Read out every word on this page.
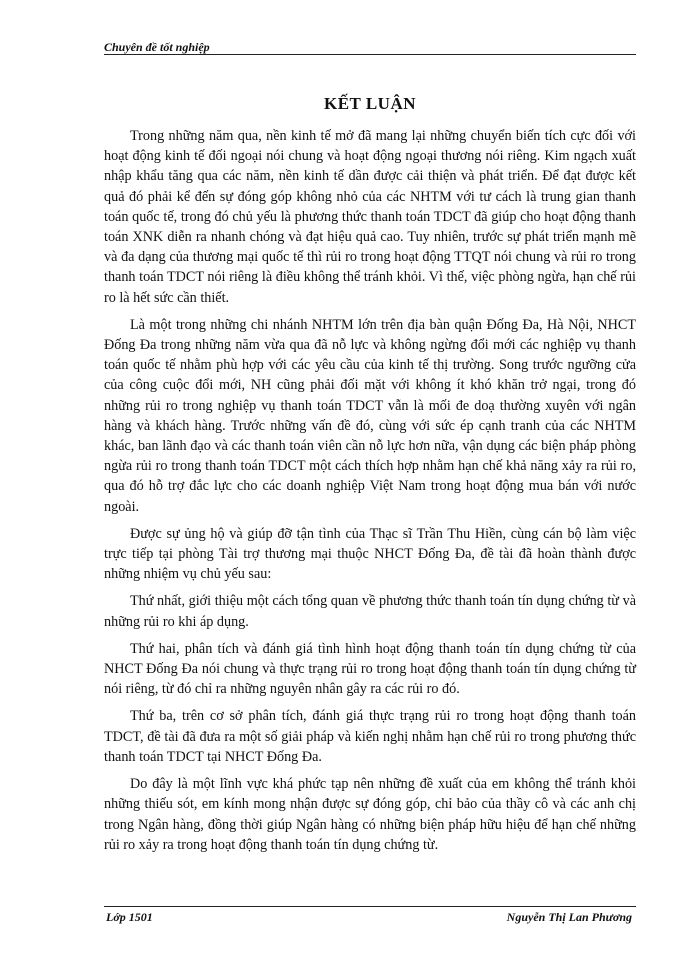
Chuyên đề tốt nghiệp
KẾT LUẬN

Trong những năm qua, nền kinh tế mở đã mang lại những chuyển biến tích cực đối với hoạt động kinh tế đối ngoại nói chung và hoạt động ngoại thương nói riêng. Kim ngạch xuất nhập khẩu tăng qua các năm, nền kinh tế dần được cải thiện và phát triển. Để đạt được kết quả đó phải kể đến sự đóng góp không nhỏ của các NHTM với tư cách là trung gian thanh toán quốc tế, trong đó chủ yếu là phương thức thanh toán TDCT đã giúp cho hoạt động thanh toán XNK diễn ra nhanh chóng và đạt hiệu quả cao. Tuy nhiên, trước sự phát triển mạnh mẽ và đa dạng của thương mại quốc tế thì rủi ro trong hoạt động TTQT nói chung và rủi ro trong thanh toán TDCT nói riêng là điều không thể tránh khỏi. Vì thế, việc phòng ngừa, hạn chế rủi ro là hết sức cần thiết.

Là một trong những chi nhánh NHTM lớn trên địa bàn quận Đống Đa, Hà Nội, NHCT Đống Đa trong những năm vừa qua đã nỗ lực và không ngừng đổi mới các nghiệp vụ thanh toán quốc tế nhằm phù hợp với các yêu cầu của kinh tế thị trường. Song trước ngưỡng cửa của công cuộc đổi mới, NH cũng phải đối mặt với không ít khó khăn trở ngại, trong đó những rủi ro trong nghiệp vụ thanh toán TDCT vẫn là mối đe doạ thường xuyên với ngân hàng và khách hàng. Trước những vấn đề đó, cùng với sức ép cạnh tranh của các NHTM khác, ban lãnh đạo và các thanh toán viên cần nỗ lực hơn nữa, vận dụng các biện pháp phòng ngừa rủi ro trong thanh toán TDCT một cách thích hợp nhằm hạn chế khả năng xảy ra rủi ro, qua đó hỗ trợ đắc lực cho các doanh nghiệp Việt Nam trong hoạt động mua bán với nước ngoài.

Được sự ủng hộ và giúp đỡ tận tình của Thạc sĩ Trần Thu Hiền, cùng cán bộ làm việc trực tiếp tại phòng Tài trợ thương mại thuộc NHCT Đống Đa, đề tài đã hoàn thành được những nhiệm vụ chủ yếu sau:

Thứ nhất, giới thiệu một cách tổng quan về phương thức thanh toán tín dụng chứng từ và những rủi ro khi áp dụng.

Thứ hai, phân tích và đánh giá tình hình hoạt động thanh toán tín dụng chứng từ của NHCT Đống Đa nói chung và thực trạng rủi ro trong hoạt động thanh toán tín dụng chứng từ nói riêng, từ đó chỉ ra những nguyên nhân gây ra các rủi ro đó.

Thứ ba, trên cơ sở phân tích, đánh giá thực trạng rủi ro trong hoạt động thanh toán TDCT, đề tài đã đưa ra một số giải pháp và kiến nghị nhằm hạn chế rủi ro trong phương thức thanh toán TDCT tại NHCT Đống Đa.

Do đây là một lĩnh vực khá phức tạp nên những đề xuất của em không thể tránh khỏi những thiếu sót, em kính mong nhận được sự đóng góp, chỉ bảo của thầy cô và các anh chị trong Ngân hàng, đồng thời giúp Ngân hàng có những biện pháp hữu hiệu để hạn chế những rủi ro xảy ra trong hoạt động thanh toán tín dụng chứng từ.

Lớp 1501	Nguyễn Thị Lan Phương
